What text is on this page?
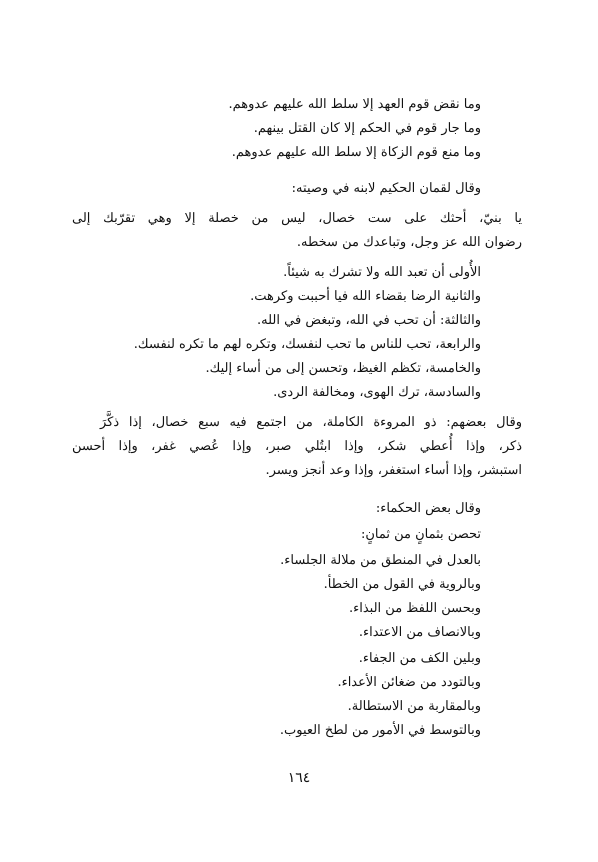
وما نقض قوم العهد إلا سلط الله عليهم عدوهم.
وما جار قوم في الحكم إلا كان القتل بينهم.
وما منع قوم الزكاة إلا سلط الله عليهم عدوهم.
وقال لقمان الحكيم لابنه في وصيته:
يا بنيّ، أحثك على ست خصال، ليس من خصلة إلا وهي تقرّبك إلى
رضوان الله عز وجل، وتباعدك من سخطه.
الأُولى أن تعبد الله ولا تشرك به شيئاً.
والثانية الرضا بقضاء الله فيا أحببت وكرهت.
والثالثة: أن تحب في الله، وتبغض في الله.
والرابعة، تحب للناس ما تحب لنفسك، وتكره لهم ما تكره لنفسك.
والخامسة، تكظم الغيظ، وتحسن إلى من أساء إليك.
والسادسة، ترك الهوى، ومخالفة الردى.
وقال بعضهم: ذو المروءة الكاملة، من اجتمع فيه سبع خصال، إذا ذكَّرَ
ذكر، وإذا أُعطي شكر، وإذا ابتُلي صبر، وإذا عُصي غفر، وإذا أحسن
استبشر، وإذا أساء استغفر، وإذا وعد أنجز ويسر.
وقال بعض الحكماء:
تحصن بثمانٍ من ثمانٍ:
بالعدل في المنطق من ملالة الجلساء.
وبالروية في القول من الخطأ.
وبحسن اللفظ من البذاء.
وبالانصاف من الاعتداء.
وبلين الكف من الجفاء.
وبالتودد من ضغائن الأعداء.
وبالمقاربة من الاستطالة.
وبالتوسط في الأمور من لطخ العيوب.
١٦٤
